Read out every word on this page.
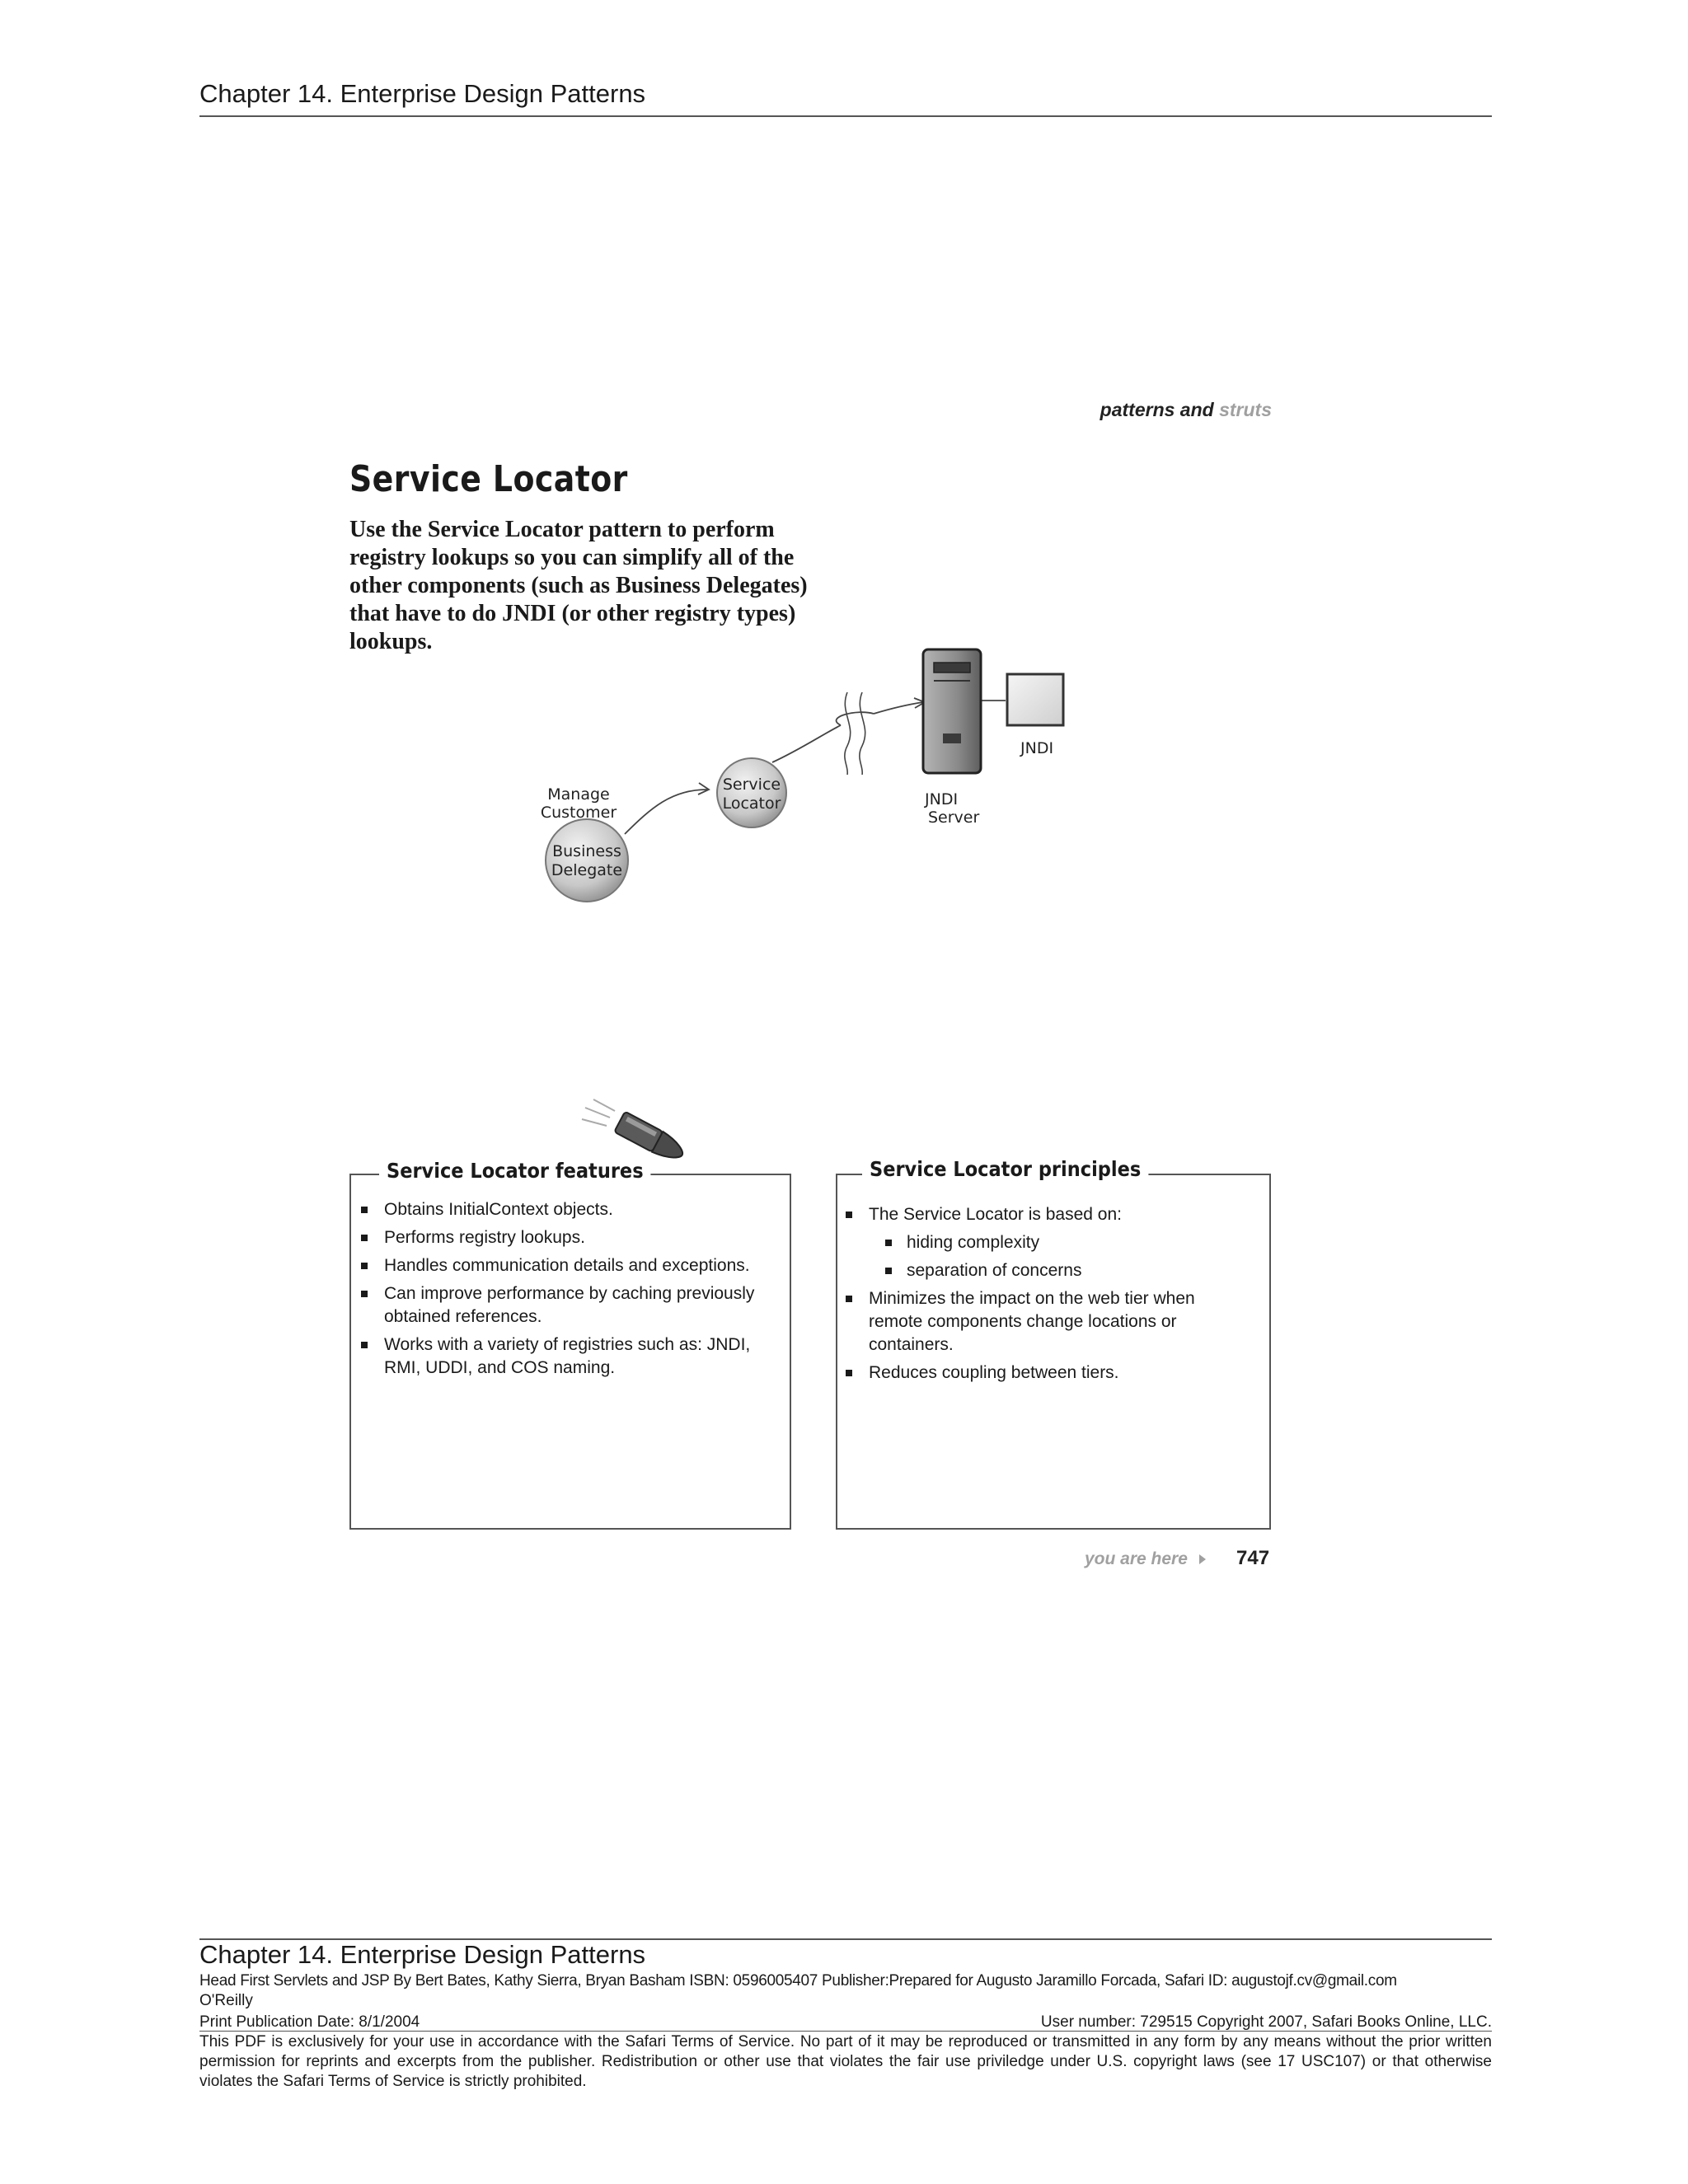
Chapter 14. Enterprise Design Patterns
patterns and struts
Service Locator
Use the Service Locator pattern to perform registry lookups so you can simplify all of the other components (such as Business Delegates) that have to do JNDI (or other registry types) lookups.
Manage
Customer
Business
Delegate
Service
Locator	JNDI
Server
JNDI
Service Locator features
Obtains InitialContext objects.
Performs registry lookups.
Handles communication details and exceptions.
Can improve performance by caching previously obtained references.
Works with a variety of registries such as: JNDI, RMI, UDDI, and COS naming.
Service Locator principles
The Service Locator is based on:
hiding complexity
separation of concerns
Minimizes the impact on the web tier when remote components change locations or containers.
Reduces coupling between tiers.
you are here 747
Chapter 14. Enterprise Design Patterns
Head First Servlets and JSP By Bert Bates, Kathy Sierra, Bryan Basham ISBN: 0596005407 Publisher:Prepared for Augusto Jaramillo Forcada, Safari ID: augustojf.cv@gmail.com
O'Reilly
Print Publication Date: 8/1/2004	User number: 729515 Copyright 2007, Safari Books Online, LLC.
This PDF is exclusively for your use in accordance with the Safari Terms of Service. No part of it may be reproduced or transmitted in any form by any means without the prior written permission for reprints and excerpts from the publisher. Redistribution or other use that violates the fair use priviledge under U.S. copyright laws (see 17 USC107) or that otherwise violates the Safari Terms of Service is strictly prohibited.
